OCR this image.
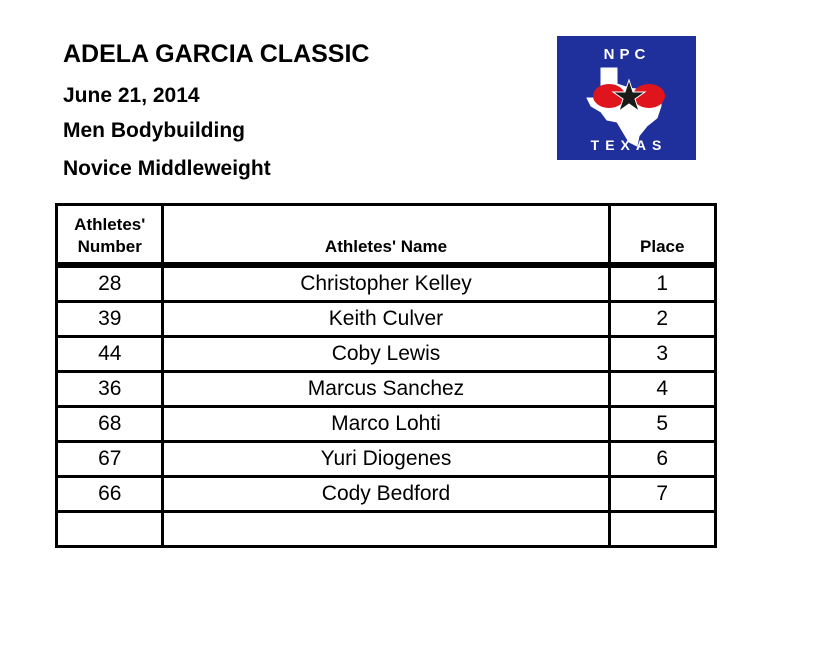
ADELA GARCIA CLASSIC
June 21, 2014
Men Bodybuilding
Novice Middleweight
NPC
TEXAS
Athletes'
Number	Athletes' Name	Place
28	Christopher Kelley	1
39	Keith Culver	2
44	Coby Lewis	3
36	Marcus Sanchez	4
68	Marco Lohti	5
67	Yuri Diogenes	6
66	Cody Bedford	7
